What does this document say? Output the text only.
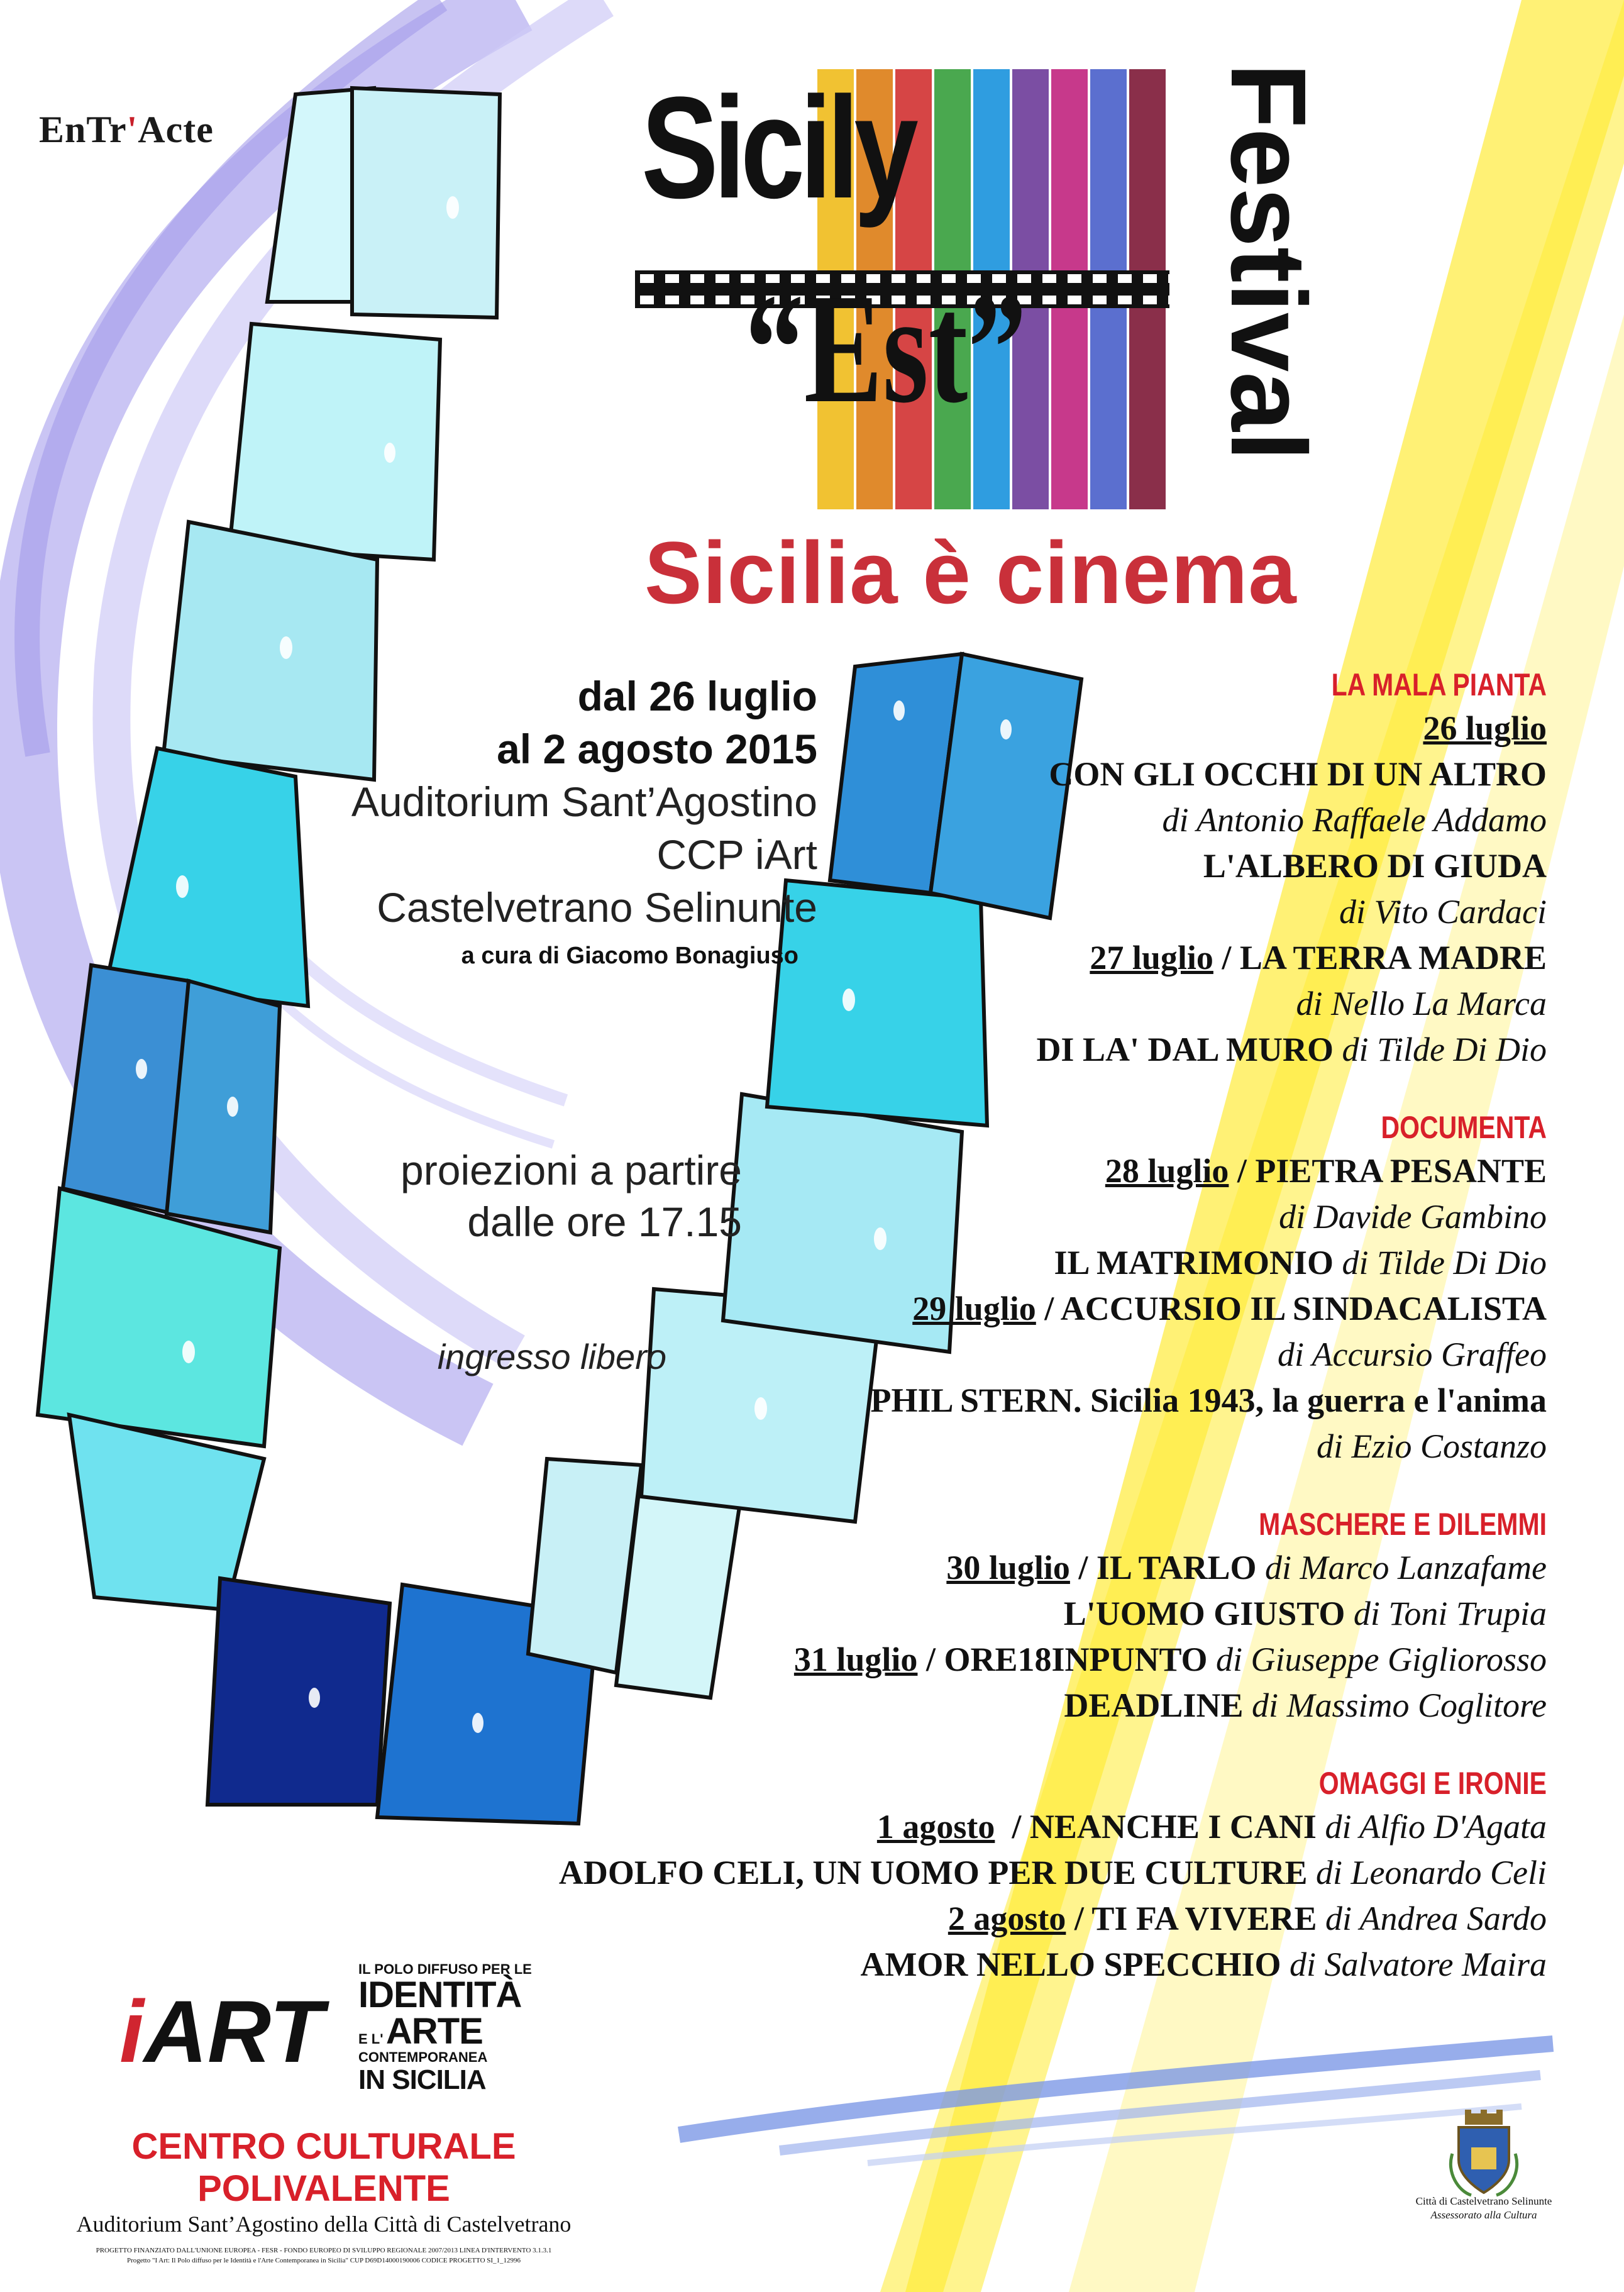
EnTr'Acte	Sicily
“Est” Festival
Sicilia è cinema
dal 26 luglio
al 2 agosto 2015
Auditorium Sant’Agostino
CCP iArt
Castelvetrano Selinunte
a cura di Giacomo Bonagiuso
proiezioni a partire
dalle ore 17.15
ingresso libero
LA MALA PIANTA
26 luglio
CON GLI OCCHI DI UN ALTRO
di Antonio Raffaele Addamo
L'ALBERO DI GIUDA
di Vito Cardaci
27 luglio / LA TERRA MADRE
di Nello La Marca
DI LA' DAL MURO di Tilde Di Dio
DOCUMENTA
28 luglio / PIETRA PESANTE
di Davide Gambino
IL MATRIMONIO di Tilde Di Dio
29 luglio / ACCURSIO IL SINDACALISTA
di Accursio Graffeo
PHIL STERN. Sicilia 1943, la guerra e l'anima
di Ezio Costanzo
MASCHERE E DILEMMI
30 luglio / IL TARLO di Marco Lanzafame
L'UOMO GIUSTO di Toni Trupia
31 luglio / ORE18INPUNTO di Giuseppe Gigliorosso
DEADLINE di Massimo Coglitore
OMAGGI E IRONIE
1 agosto  / NEANCHE I CANI di Alfio D'Agata
ADOLFO CELI, UN UOMO PER DUE CULTURE di Leonardo Celi
2 agosto / TI FA VIVERE di Andrea Sardo
AMOR NELLO SPECCHIO di Salvatore Maira
iART
IL POLO DIFFUSO PER LE
IDENTITÀ
E L' ARTE
CONTEMPORANEA
IN SICILIA
CENTRO CULTURALE POLIVALENTE
Auditorium Sant’Agostino della Città di Castelvetrano
PROGETTO FINANZIATO DALL'UNIONE EUROPEA - FESR - FONDO EUROPEO DI SVILUPPO REGIONALE 2007/2013 LINEA D'INTERVENTO 3.1.3.1
Progetto "I Art: Il Polo diffuso per le Identità e l'Arte Contemporanea in Sicilia" CUP D69D14000190006 CODICE PROGETTO SI_1_12996
Città di Castelvetrano Selinunte
Assessorato alla Cultura
